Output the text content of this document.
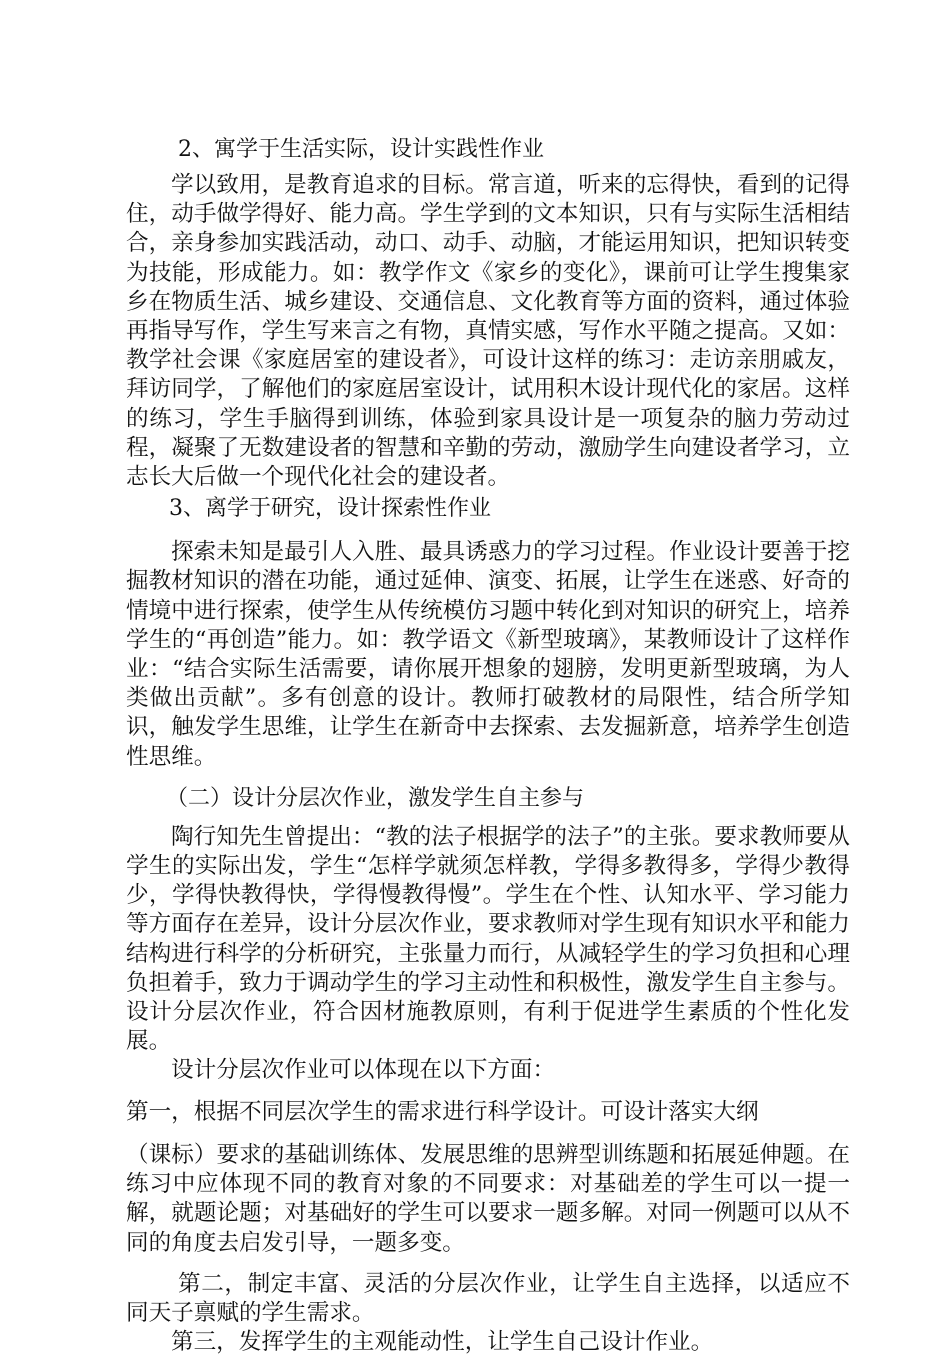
2、寓学于生活实际，设计实践性作业

学以致用，是教育追求的目标。常言道，听来的忘得快，看到的记得住，动手做学得好、能力高。学生学到的文本知识，只有与实际生活相结合，亲身参加实践活动，动口、动手、动脑，才能运用知识，把知识转变为技能，形成能力。如：教学作文《家乡的变化》，课前可让学生搜集家乡在物质生活、城乡建设、交通信息、文化教育等方面的资料，通过体验再指导写作，学生写来言之有物，真情实感，写作水平随之提高。又如：教学社会课《家庭居室的建设者》，可设计这样的练习：走访亲朋戚友，拜访同学，了解他们的家庭居室设计，试用积木设计现代化的家居。这样的练习，学生手脑得到训练，体验到家具设计是一项复杂的脑力劳动过程，凝聚了无数建设者的智慧和辛勤的劳动，激励学生向建设者学习，立志长大后做一个现代化社会的建设者。

3、离学于研究，设计探索性作业

探索未知是最引人入胜、最具诱惑力的学习过程。作业设计要善于挖掘教材知识的潜在功能，通过延伸、演变、拓展，让学生在迷惑、好奇的情境中进行探索，使学生从传统模仿习题中转化到对知识的研究上，培养学生的“再创造”能力。如：教学语文《新型玻璃》，某教师设计了这样作业：“结合实际生活需要，请你展开想象的翅膀，发明更新型玻璃，为人类做出贡献”。多有创意的设计。教师打破教材的局限性，结合所学知识，触发学生思维，让学生在新奇中去探索、去发掘新意，培养学生创造性思维。

（二）设计分层次作业，激发学生自主参与

陶行知先生曾提出：“教的法子根据学的法子”的主张。要求教师要从学生的实际出发，学生“怎样学就须怎样教，学得多教得多，学得少教得少，学得快教得快，学得慢教得慢”。学生在个性、认知水平、学习能力等方面存在差异，设计分层次作业，要求教师对学生现有知识水平和能力结构进行科学的分析研究，主张量力而行，从减轻学生的学习负担和心理负担着手，致力于调动学生的学习主动性和积极性，激发学生自主参与。设计分层次作业，符合因材施教原则，有利于促进学生素质的个性化发展。

设计分层次作业可以体现在以下方面：

第一，根据不同层次学生的需求进行科学设计。可设计落实大纲
（课标）要求的基础训练体、发展思维的思辨型训练题和拓展延伸题。在练习中应体现不同的教育对象的不同要求：对基础差的学生可以一提一解，就题论题；对基础好的学生可以要求一题多解。对同一例题可以从不同的角度去启发引导，一题多变。

第二，制定丰富、灵活的分层次作业，让学生自主选择，以适应不同天子禀赋的学生需求。

第三，发挥学生的主观能动性，让学生自己设计作业。
